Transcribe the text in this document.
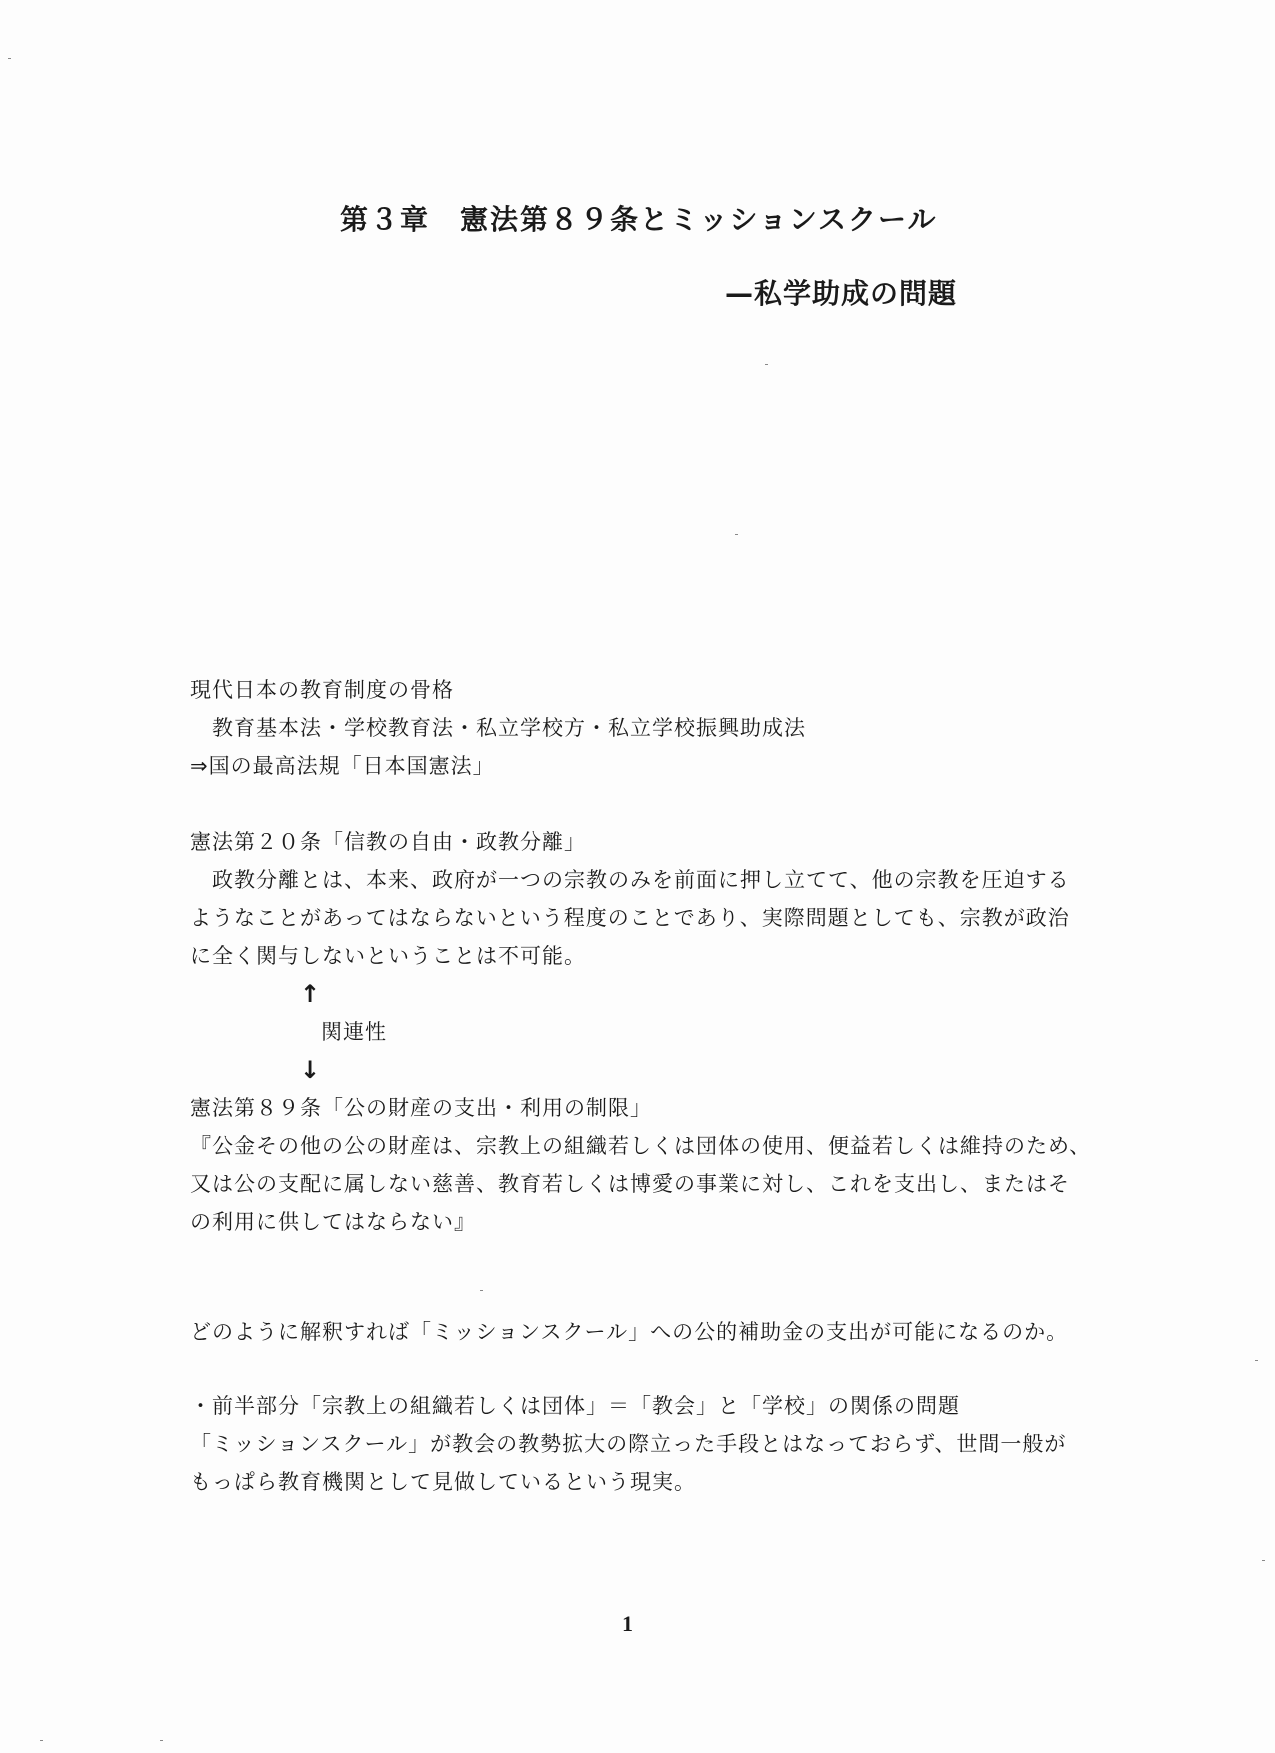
第３章　憲法第８９条とミッションスクール
—私学助成の問題
現代日本の教育制度の骨格
教育基本法・学校教育法・私立学校方・私立学校振興助成法
⇒国の最高法規「日本国憲法」
憲法第２０条「信教の自由・政教分離」
政教分離とは、本来、政府が一つの宗教のみを前面に押し立てて、他の宗教を圧迫する
ようなことがあってはならないという程度のことであり、実際問題としても、宗教が政治
に全く関与しないということは不可能。
↑
関連性
↓
憲法第８９条「公の財産の支出・利用の制限」
『公金その他の公の財産は、宗教上の組織若しくは団体の使用、便益若しくは維持のため、
又は公の支配に属しない慈善、教育若しくは博愛の事業に対し、これを支出し、またはそ
の利用に供してはならない』
どのように解釈すれば「ミッションスクール」への公的補助金の支出が可能になるのか。
・前半部分「宗教上の組織若しくは団体」＝「教会」と「学校」の関係の問題
「ミッションスクール」が教会の教勢拡大の際立った手段とはなっておらず、世間一般が
もっぱら教育機関として見做しているという現実。
1
